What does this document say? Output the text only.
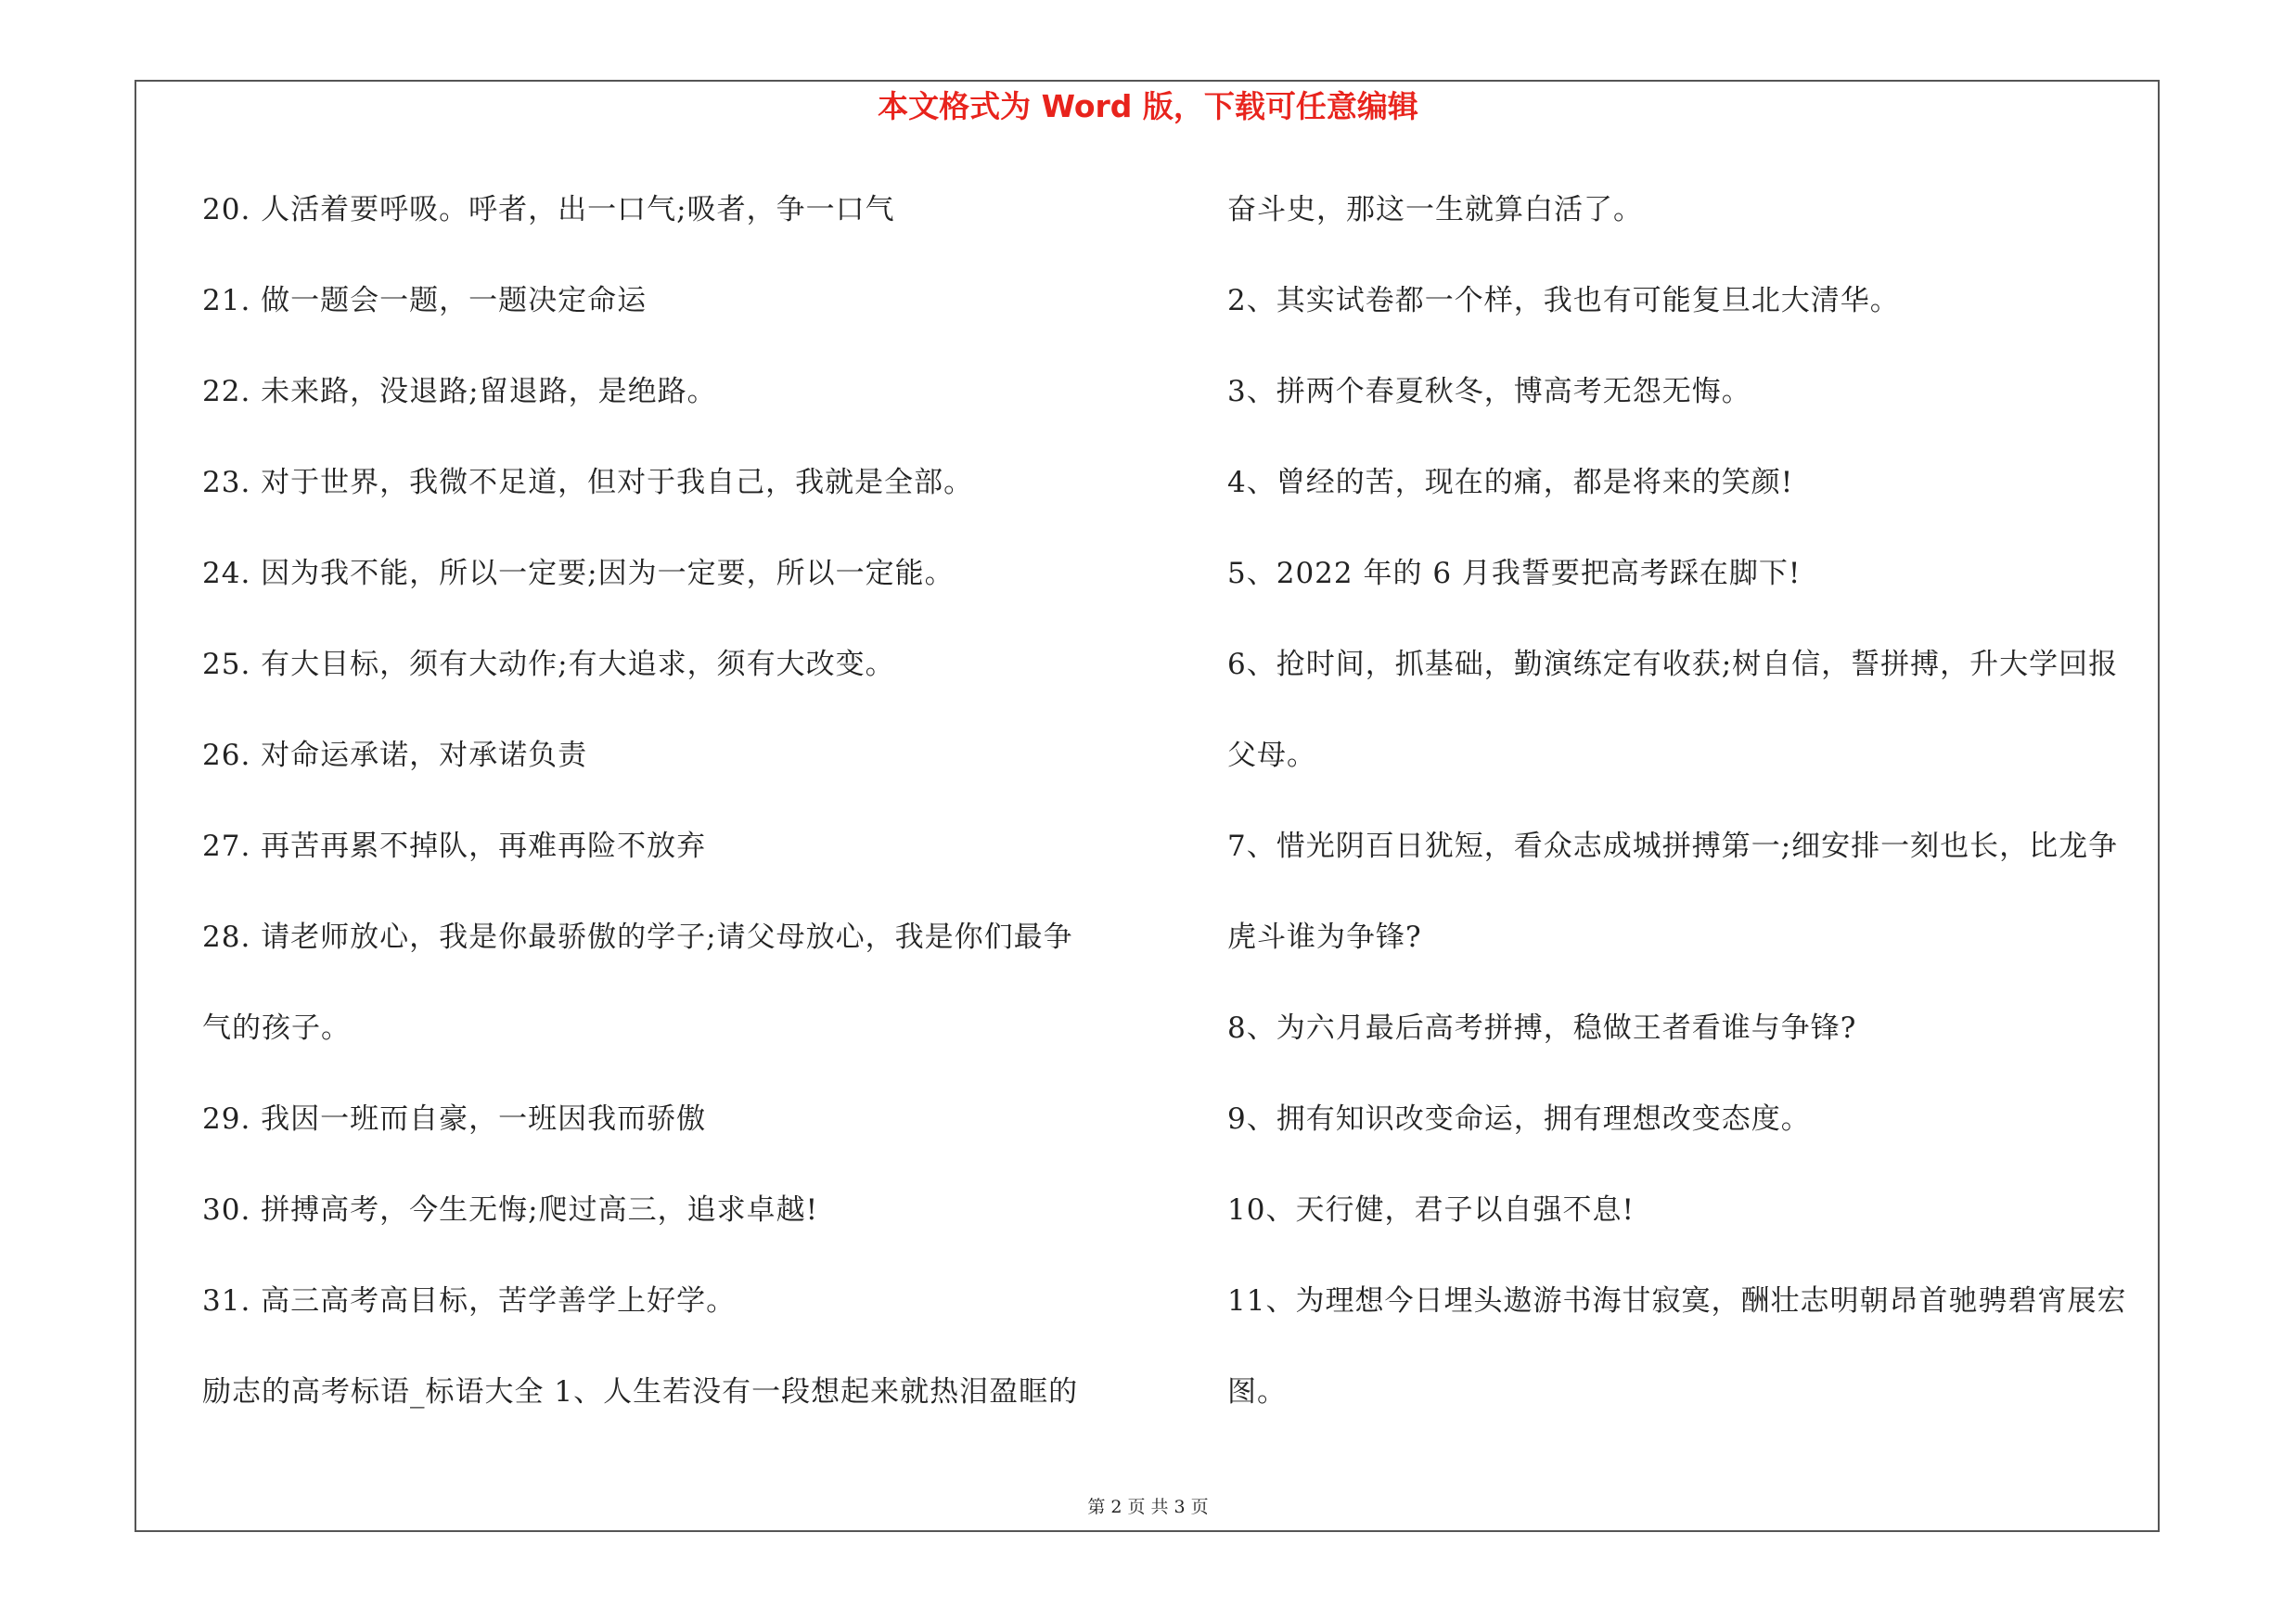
本文格式为 Word 版，下载可任意编辑
20. 人活着要呼吸。呼者，出一口气;吸者，争一口气
21. 做一题会一题，一题决定命运
22. 未来路，没退路;留退路，是绝路。
23. 对于世界，我微不足道，但对于我自己，我就是全部。
24. 因为我不能，所以一定要;因为一定要，所以一定能。
25. 有大目标，须有大动作;有大追求，须有大改变。
26. 对命运承诺，对承诺负责
27. 再苦再累不掉队，再难再险不放弃
28. 请老师放心，我是你最骄傲的学子;请父母放心，我是你们最争
气的孩子。
29. 我因一班而自豪，一班因我而骄傲
30. 拼搏高考，今生无悔;爬过高三，追求卓越!
31. 高三高考高目标，苦学善学上好学。
励志的高考标语_标语大全 1、人生若没有一段想起来就热泪盈眶的
奋斗史，那这一生就算白活了。
2、其实试卷都一个样，我也有可能复旦北大清华。
3、拼两个春夏秋冬，博高考无怨无悔。
4、曾经的苦，现在的痛，都是将来的笑颜!
5、2022 年的 6 月我誓要把高考踩在脚下!
6、抢时间，抓基础，勤演练定有收获;树自信，誓拼搏，升大学回报
父母。
7、惜光阴百日犹短，看众志成城拼搏第一;细安排一刻也长，比龙争
虎斗谁为争锋?
8、为六月最后高考拼搏，稳做王者看谁与争锋?
9、拥有知识改变命运，拥有理想改变态度。
10、天行健，君子以自强不息!
11、为理想今日埋头遨游书海甘寂寞，酬壮志明朝昂首驰骋碧宵展宏
图。
第 2 页 共 3 页
